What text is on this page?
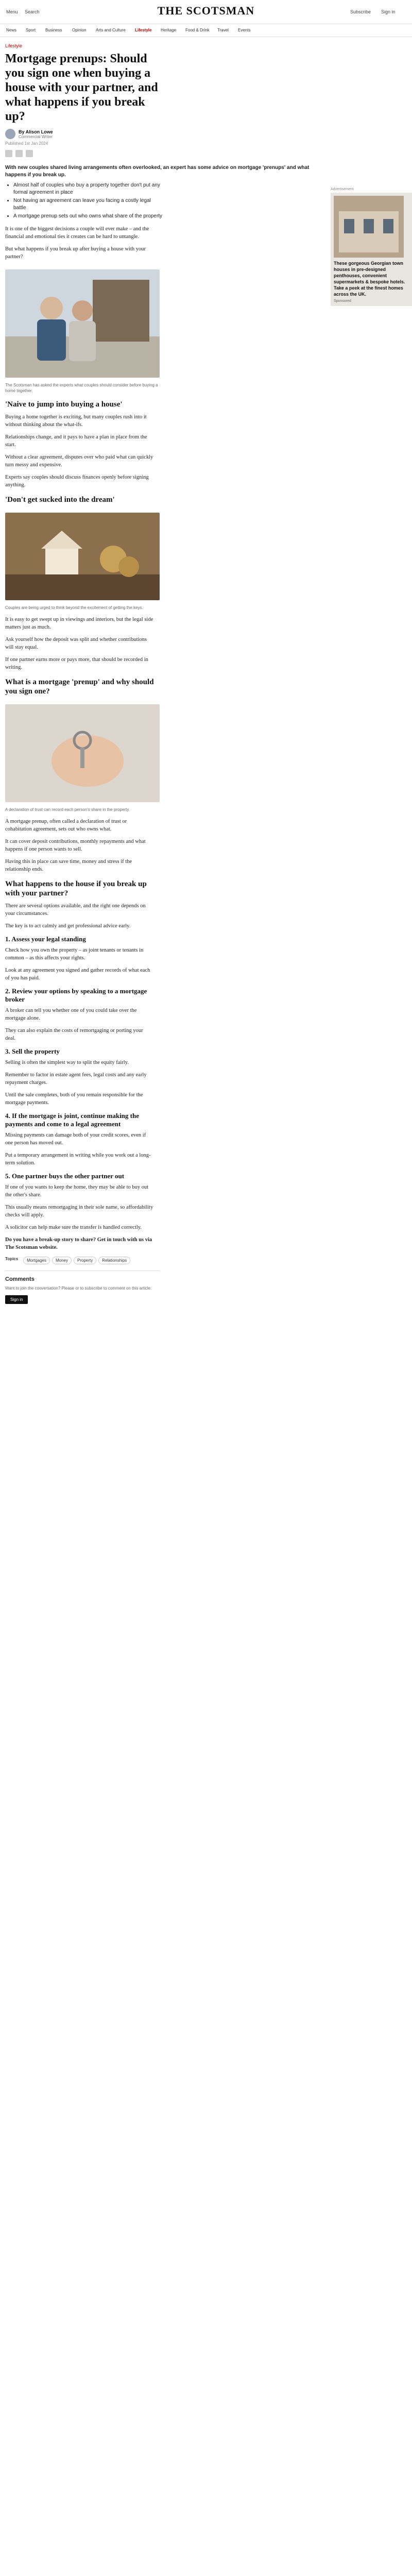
Menu Search	THE SCOTSMAN	Subscribe Sign in
News Sport Business Opinion Arts and Culture Lifestyle Heritage Food & Drink Travel Events
Lifestyle
Mortgage prenups: Should you sign one when buying a house with your partner, and what happens if you break up?
By Alison Lowe
Commercial Writer
Published 1st Jan 2024
With new couples shared living arrangements often overlooked, an expert has some advice on mortgage 'prenups' and what happens if you break up.
• Almost half of couples who buy a property together don't put any formal agreement in place
• Not having an agreement can leave you facing a costly legal battle
• A mortgage prenup sets out who owns what share of the property

It is one of the biggest decisions a couple will ever make – and the financial and emotional ties it creates can be hard to untangle.

But what happens if you break up after buying a house with your partner?

The Scotsman has asked the experts what couples should consider before buying a home together.
'Naive to jump into buying a house'

Buying a home together is exciting, but many couples rush into it without thinking about the what-ifs.

Relationships change, and it pays to have a plan in place from the start.

Without a clear agreement, disputes over who paid what can quickly turn messy and expensive.

Experts say couples should discuss finances openly before signing anything.

'Don't get sucked into the dream'
Couples are being urged to think beyond the excitement of getting the keys.

It is easy to get swept up in viewings and interiors, but the legal side matters just as much.

Ask yourself how the deposit was split and whether contributions will stay equal.

If one partner earns more or pays more, that should be recorded in writing.

What is a mortgage 'prenup' and why should you sign one?
A declaration of trust can record each person's share in the property.

A mortgage prenup, often called a declaration of trust or cohabitation agreement, sets out who owns what.

It can cover deposit contributions, monthly repayments and what happens if one person wants to sell.

Having this in place can save time, money and stress if the relationship ends.

What happens to the house if you break up with your partner?

There are several options available, and the right one depends on your circumstances.

The key is to act calmly and get professional advice early.

1. Assess your legal standing

Check how you own the property – as joint tenants or tenants in common – as this affects your rights.

Look at any agreement you signed and gather records of what each of you has paid.

2. Review your options by speaking to a mortgage broker

A broker can tell you whether one of you could take over the mortgage alone.

They can also explain the costs of remortgaging or porting your deal.

3. Sell the property

Selling is often the simplest way to split the equity fairly.

Remember to factor in estate agent fees, legal costs and any early repayment charges.

Until the sale completes, both of you remain responsible for the mortgage payments.

4. If the mortgage is joint, continue making the payments and come to a legal agreement

Missing payments can damage both of your credit scores, even if one person has moved out.

Put a temporary arrangement in writing while you work out a long-term solution.

5. One partner buys the other partner out

If one of you wants to keep the home, they may be able to buy out the other's share.

This usually means remortgaging in their sole name, so affordability checks will apply.

A solicitor can help make sure the transfer is handled correctly.

Do you have a break-up story to share? Get in touch with us via The Scotsman website.

Topics	Mortgages	Money	Property	Relationships
Comments

Want to join the conversation? Please or to subscribe to comment on this article.

Sign in
Advertisement
These gorgeous Georgian town houses in pre-designed penthouses, convenient supermarkets & bespoke hotels. Take a peek at the finest homes across the UK.
Sponsored
